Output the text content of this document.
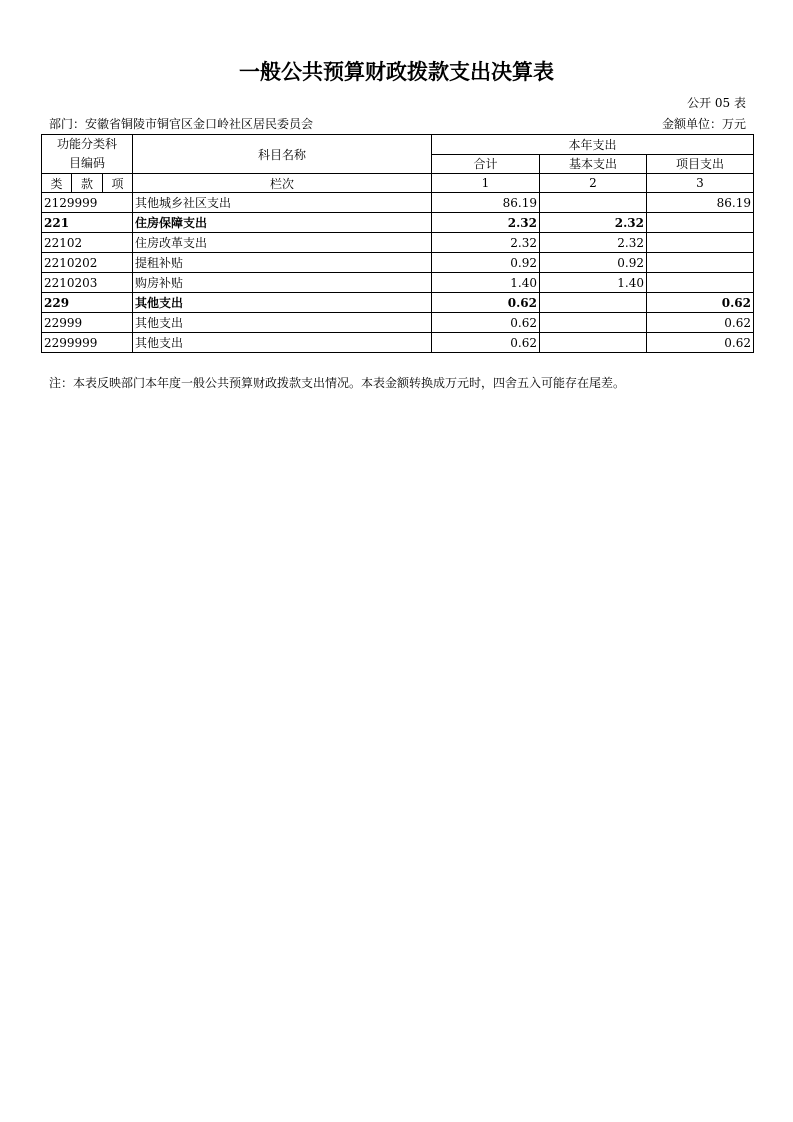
一般公共预算财政拨款支出决算表
公开 05 表
部门：安徽省铜陵市铜官区金口岭社区居民委员会	金额单位：万元
功能分类科
目编码			科目名称	本年支出		
				合计	基本支出	项目支出
类	款	项	栏次	1	2	3
2129999			其他城乡社区支出	86.19		86.19
221			住房保障支出	2.32	2.32	
22102			住房改革支出	2.32	2.32	
2210202			提租补贴	0.92	0.92	
2210203			购房补贴	1.40	1.40	
229			其他支出	0.62		0.62
22999			其他支出	0.62		0.62
2299999			其他支出	0.62		0.62
注：本表反映部门本年度一般公共预算财政拨款支出情况。本表金额转换成万元时，四舍五入可能存在尾差。
